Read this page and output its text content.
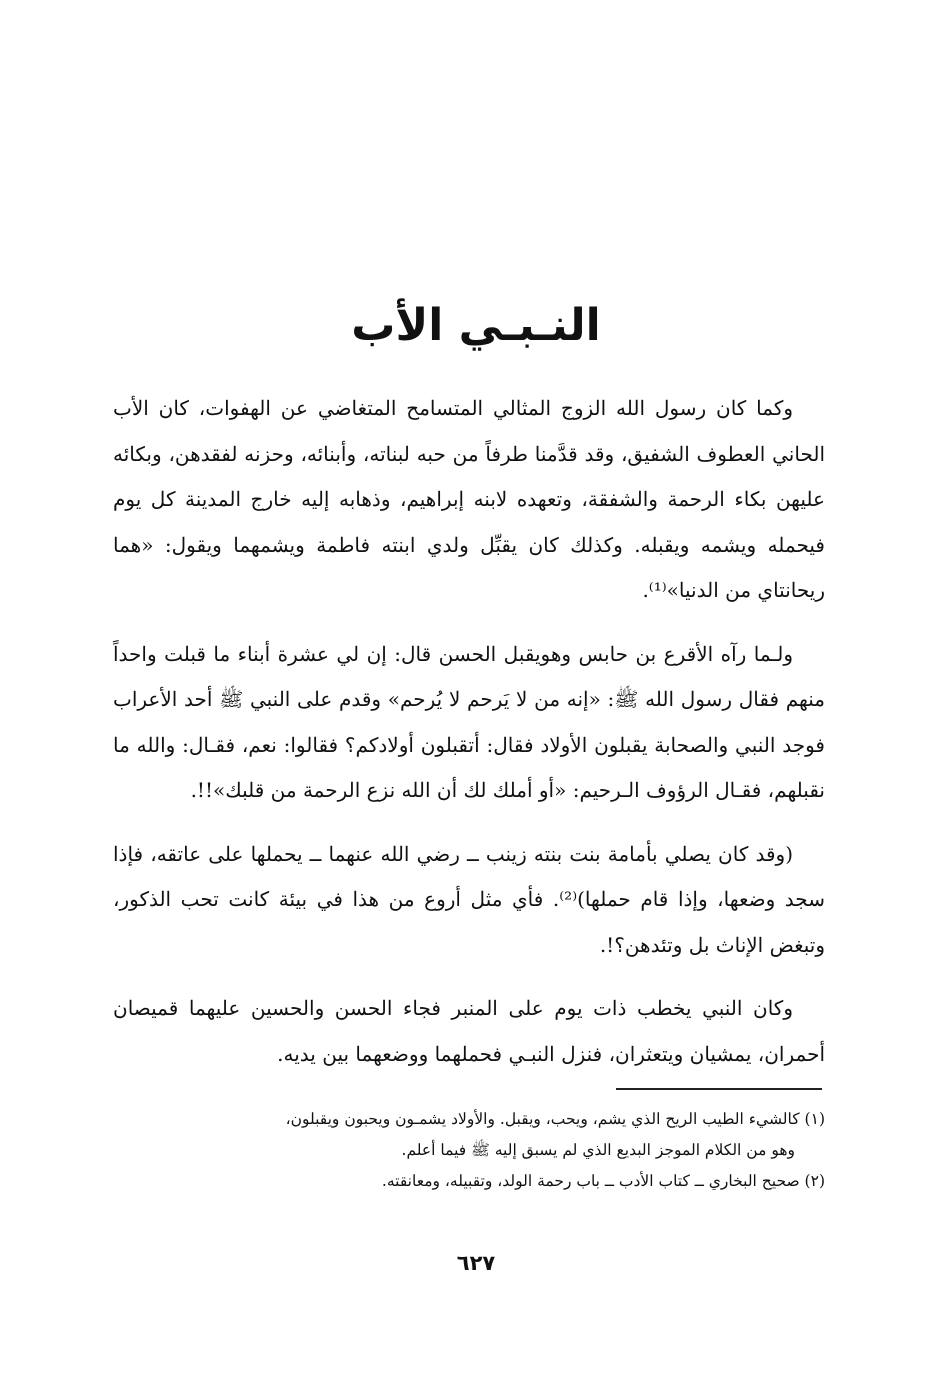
النـبـي الأب

وكما كان رسول الله الزوج المثالي المتسامح المتغاضي عن الهفوات، كان الأب الحاني العطوف الشفيق، وقد قدَّمنا طرفاً من حبه لبناته، وأبنائه، وحزنه لفقدهن، وبكائه عليهن بكاء الرحمة والشفقة، وتعهده لابنه إبراهيم، وذهابه إليه خارج المدينة كل يوم فيحمله ويشمه ويقبله. وكذلك كان يقبِّل ولدي ابنته فاطمة ويشمهما ويقول: «هما ريحانتاي من الدنيا»⁽¹⁾.

ولـما رآه الأقرع بن حابس وهويقبل الحسن قال: إن لي عشرة أبناء ما قبلت واحداً منهم فقال رسول الله ﷺ: «إنه من لا يَرحم لا يُرحم» وقدم على النبي ﷺ أحد الأعراب فوجد النبي والصحابة يقبلون الأولاد فقال: أتقبلون أولادكم؟ فقالوا: نعم، فقـال: والله ما نقبلهم، فقـال الرؤوف الـرحيم: «أو أملك لك أن الله نزع الرحمة من قلبك»!!.

(وقد كان يصلي بأمامة بنت بنته زينب ــ رضي الله عنهما ــ يحملها على عاتقه، فإذا سجد وضعها، وإذا قام حملها)⁽²⁾. فأي مثل أروع من هذا في بيئة كانت تحب الذكور، وتبغض الإناث بل وتئدهن؟!.

وكان النبي يخطب ذات يوم على المنبر فجاء الحسن والحسين عليهما قميصان أحمران، يمشيان ويتعثران، فنزل النبـي فحملهما ووضعهما بين يديه.

(١) كالشيء الطيب الريح الذي يشم، ويحب، ويقبل. والأولاد يشمـون ويحبون ويقبلون،

وهو من الكلام الموجز البديع الذي لم يسبق إليه ﷺ فيما أعلم.

(٢) صحيح البخاري ــ كتاب الأدب ــ باب رحمة الولد، وتقبيله، ومعانقته.

٦٢٧
